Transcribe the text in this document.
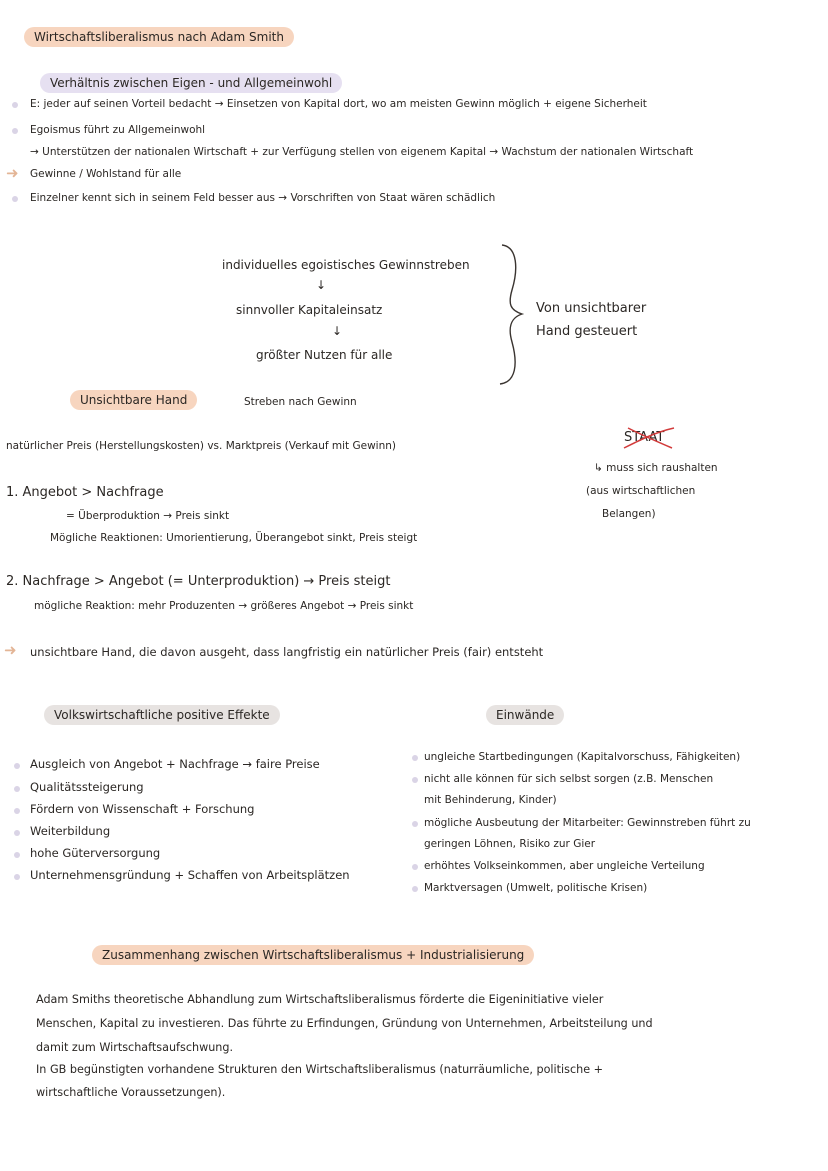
Wirtschaftsliberalismus nach Adam Smith
Verhältnis zwischen Eigen - und Allgemeinwohl
E: jeder auf seinen Vorteil bedacht → Einsetzen von Kapital dort, wo am meisten Gewinn möglich + eigene Sicherheit
Egoismus führt zu Allgemeinwohl
→ Unterstützen der nationalen Wirtschaft + zur Verfügung stellen von eigenem Kapital → Wachstum der nationalen Wirtschaft
➜ Gewinne / Wohlstand für alle
Einzelner kennt sich in seinem Feld besser aus → Vorschriften von Staat wären schädlich
individuelles egoistisches Gewinnstreben
↓
sinnvoller Kapitaleinsatz
↓
größter Nutzen für alle
Von unsichtbarer
Hand gesteuert
Unsichtbare Hand	Streben nach Gewinn
natürlicher Preis (Herstellungskosten) vs. Marktpreis (Verkauf mit Gewinn)
1. Angebot > Nachfrage
= Überproduktion → Preis sinkt
Mögliche Reaktionen: Umorientierung, Überangebot sinkt, Preis steigt
2. Nachfrage > Angebot (= Unterproduktion) → Preis steigt
mögliche Reaktion: mehr Produzenten → größeres Angebot → Preis sinkt
➜ unsichtbare Hand, die davon ausgeht, dass langfristig ein natürlicher Preis (fair) entsteht
STAAT
↳ muss sich raushalten
(aus wirtschaftlichen
Belangen)
Volkswirtschaftliche positive Effekte
Ausgleich von Angebot + Nachfrage → faire Preise
Qualitätssteigerung
Fördern von Wissenschaft + Forschung
Weiterbildung
hohe Güterversorgung
Unternehmensgründung + Schaffen von Arbeitsplätzen
Einwände
ungleiche Startbedingungen (Kapitalvorschuss, Fähigkeiten)
nicht alle können für sich selbst sorgen (z.B. Menschen
mit Behinderung, Kinder)
mögliche Ausbeutung der Mitarbeiter: Gewinnstreben führt zu
geringen Löhnen, Risiko zur Gier
erhöhtes Volkseinkommen, aber ungleiche Verteilung
Marktversagen (Umwelt, politische Krisen)
Zusammenhang zwischen Wirtschaftsliberalismus + Industrialisierung
Adam Smiths theoretische Abhandlung zum Wirtschaftsliberalismus förderte die Eigeninitiative vieler
Menschen, Kapital zu investieren. Das führte zu Erfindungen, Gründung von Unternehmen, Arbeitsteilung und
damit zum Wirtschaftsaufschwung.
In GB begünstigten vorhandene Strukturen den Wirtschaftsliberalismus (naturräumliche, politische +
wirtschaftliche Voraussetzungen).
